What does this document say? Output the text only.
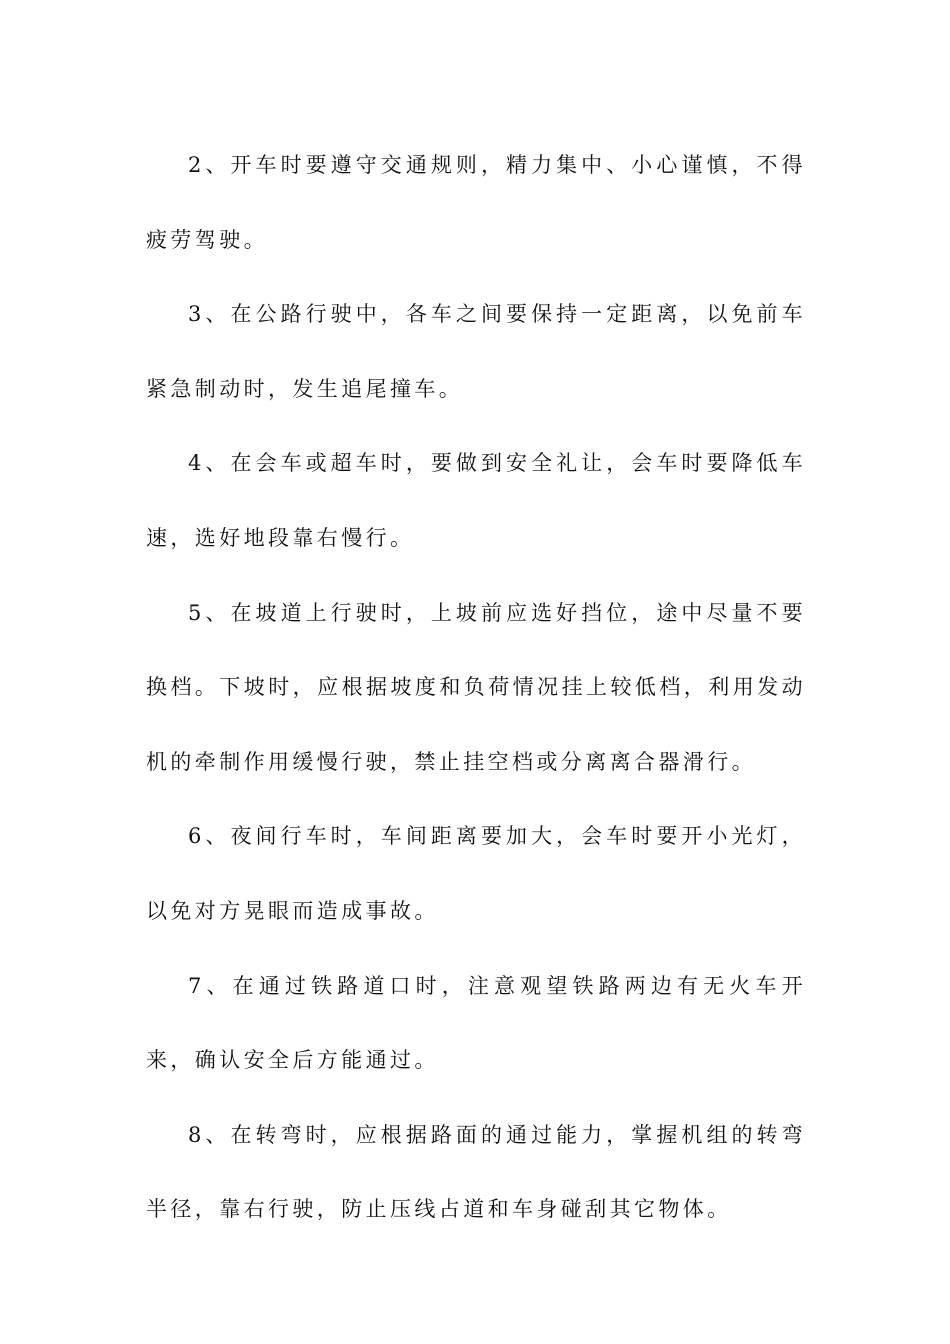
2、开车时要遵守交通规则，精力集中、小心谨慎，不得疲劳驾驶。

3、在公路行驶中，各车之间要保持一定距离，以免前车紧急制动时，发生追尾撞车。

4、在会车或超车时，要做到安全礼让，会车时要降低车速，选好地段靠右慢行。

5、在坡道上行驶时，上坡前应选好挡位，途中尽量不要换档。下坡时，应根据坡度和负荷情况挂上较低档，利用发动机的牵制作用缓慢行驶，禁止挂空档或分离离合器滑行。

6、夜间行车时，车间距离要加大，会车时要开小光灯，以免对方晃眼而造成事故。

7、在通过铁路道口时，注意观望铁路两边有无火车开来，确认安全后方能通过。

8、在转弯时，应根据路面的通过能力，掌握机组的转弯半径，靠右行驶，防止压线占道和车身碰刮其它物体。
